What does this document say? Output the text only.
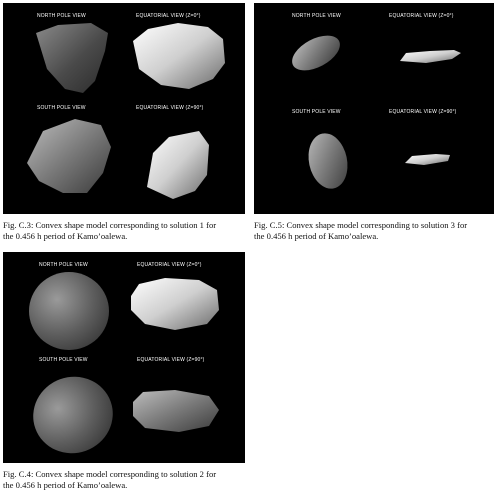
NORTH POLE VIEW	EQUATORIAL VIEW (Z=0°)
SOUTH POLE VIEW	EQUATORIAL VIEW (Z=90°)
Fig. C.3: Convex shape model corresponding to solution 1 for
the 0.456 h period of Kamo’oalewa.
NORTH POLE VIEW	EQUATORIAL VIEW (Z=0°)
SOUTH POLE VIEW	EQUATORIAL VIEW (Z=90°)
Fig. C.5: Convex shape model corresponding to solution 3 for
the 0.456 h period of Kamo’oalewa.
NORTH POLE VIEW	EQUATORIAL VIEW (Z=0°)
SOUTH POLE VIEW	EQUATORIAL VIEW (Z=90°)
Fig. C.4: Convex shape model corresponding to solution 2 for
the 0.456 h period of Kamo’oalewa.
